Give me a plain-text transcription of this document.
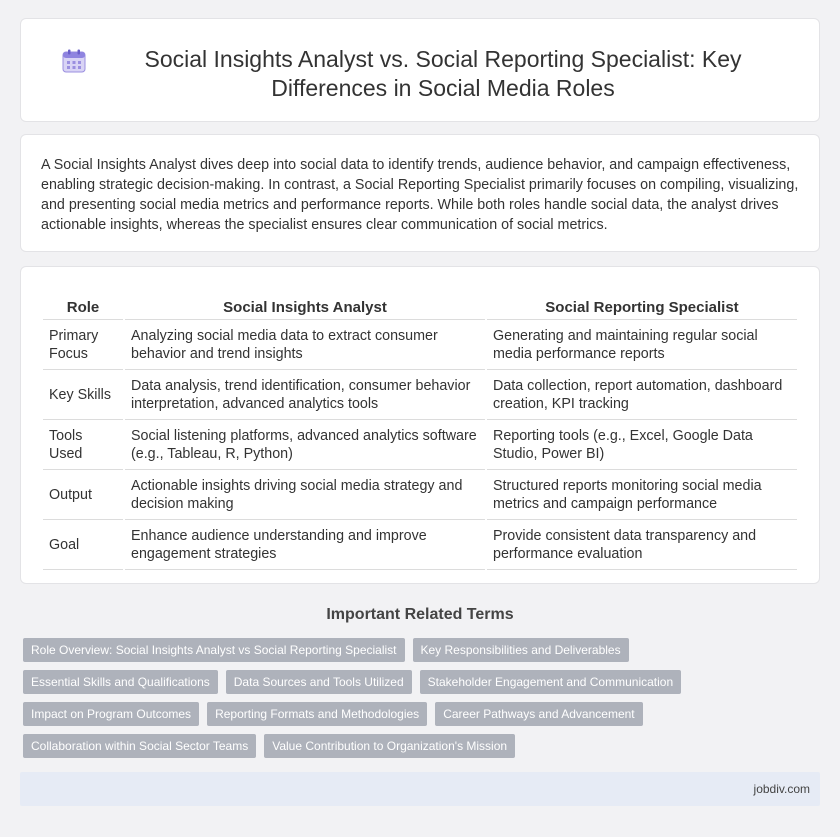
Social Insights Analyst vs. Social Reporting Specialist: Key Differences in Social Media Roles

A Social Insights Analyst dives deep into social data to identify trends, audience behavior, and campaign effectiveness, enabling strategic decision-making. In contrast, a Social Reporting Specialist primarily focuses on compiling, visualizing, and presenting social media metrics and performance reports. While both roles handle social data, the analyst drives actionable insights, whereas the specialist ensures clear communication of social metrics.

Role	Social Insights Analyst	Social Reporting Specialist
Primary Focus	Analyzing social media data to extract consumer behavior and trend insights	Generating and maintaining regular social media performance reports
Key Skills	Data analysis, trend identification, consumer behavior interpretation, advanced analytics tools	Data collection, report automation, dashboard creation, KPI tracking
Tools Used	Social listening platforms, advanced analytics software (e.g., Tableau, R, Python)	Reporting tools (e.g., Excel, Google Data Studio, Power BI)
Output	Actionable insights driving social media strategy and decision making	Structured reports monitoring social media metrics and campaign performance
Goal	Enhance audience understanding and improve engagement strategies	Provide consistent data transparency and performance evaluation
Important Related Terms
Role Overview: Social Insights Analyst vs Social Reporting Specialist	Key Responsibilities and Deliverables
Essential Skills and Qualifications	Data Sources and Tools Utilized	Stakeholder Engagement and Communication
Impact on Program Outcomes	Reporting Formats and Methodologies	Career Pathways and Advancement
Collaboration within Social Sector Teams	Value Contribution to Organization's Mission
jobdiv.com
